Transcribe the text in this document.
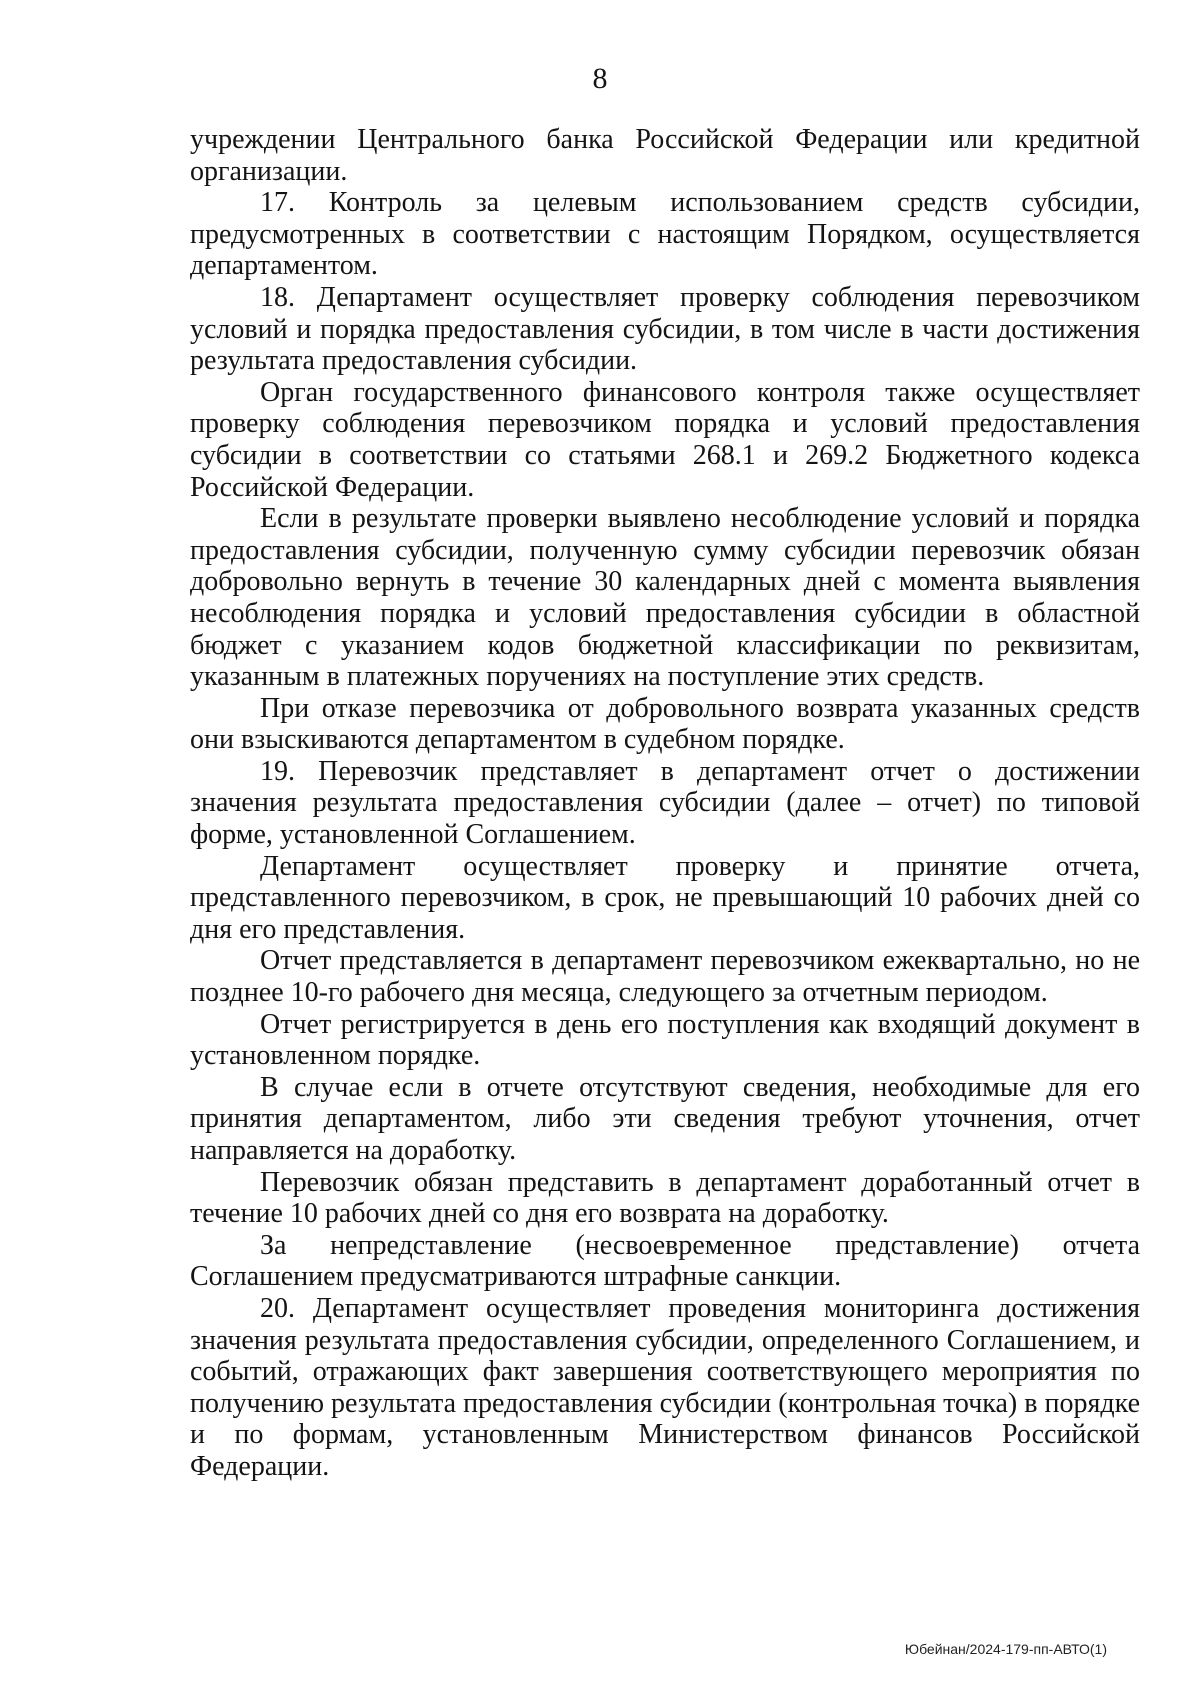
8

учреждении Центрального банка Российской Федерации или кредитной организации.

17. Контроль за целевым использованием средств субсидии, предусмотренных в соответствии с настоящим Порядком, осуществляется департаментом.

18. Департамент осуществляет проверку соблюдения перевозчиком условий и порядка предоставления субсидии, в том числе в части достижения результата предоставления субсидии.

Орган государственного финансового контроля также осуществляет проверку соблюдения перевозчиком порядка и условий предоставления субсидии в соответствии со статьями 268.1 и 269.2 Бюджетного кодекса Российской Федерации.

Если в результате проверки выявлено несоблюдение условий и порядка предоставления субсидии, полученную сумму субсидии перевозчик обязан добровольно вернуть в течение 30 календарных дней с момента выявления несоблюдения порядка и условий предоставления субсидии в областной бюджет с указанием кодов бюджетной классификации по реквизитам, указанным в платежных поручениях на поступление этих средств.

При отказе перевозчика от добровольного возврата указанных средств они взыскиваются департаментом в судебном порядке.

19. Перевозчик представляет в департамент отчет о достижении значения результата предоставления субсидии (далее – отчет) по типовой форме, установленной Соглашением.

Департамент осуществляет проверку и принятие отчета, представленного перевозчиком, в срок, не превышающий 10 рабочих дней со дня его представления.

Отчет представляется в департамент перевозчиком ежеквартально, но не позднее 10-го рабочего дня месяца, следующего за отчетным периодом.

Отчет регистрируется в день его поступления как входящий документ в установленном порядке.

В случае если в отчете отсутствуют сведения, необходимые для его принятия департаментом, либо эти сведения требуют уточнения, отчет направляется на доработку.

Перевозчик обязан представить в департамент доработанный отчет в течение 10 рабочих дней со дня его возврата на доработку.

За непредставление (несвоевременное представление) отчета Соглашением предусматриваются штрафные санкции.

20. Департамент осуществляет проведения мониторинга достижения значения результата предоставления субсидии, определенного Соглашением, и событий, отражающих факт завершения соответствующего мероприятия по получению результата предоставления субсидии (контрольная точка) в порядке и по формам, установленным Министерством финансов Российской Федерации.

Юбейнан/2024-179-пп-АВТО(1)
